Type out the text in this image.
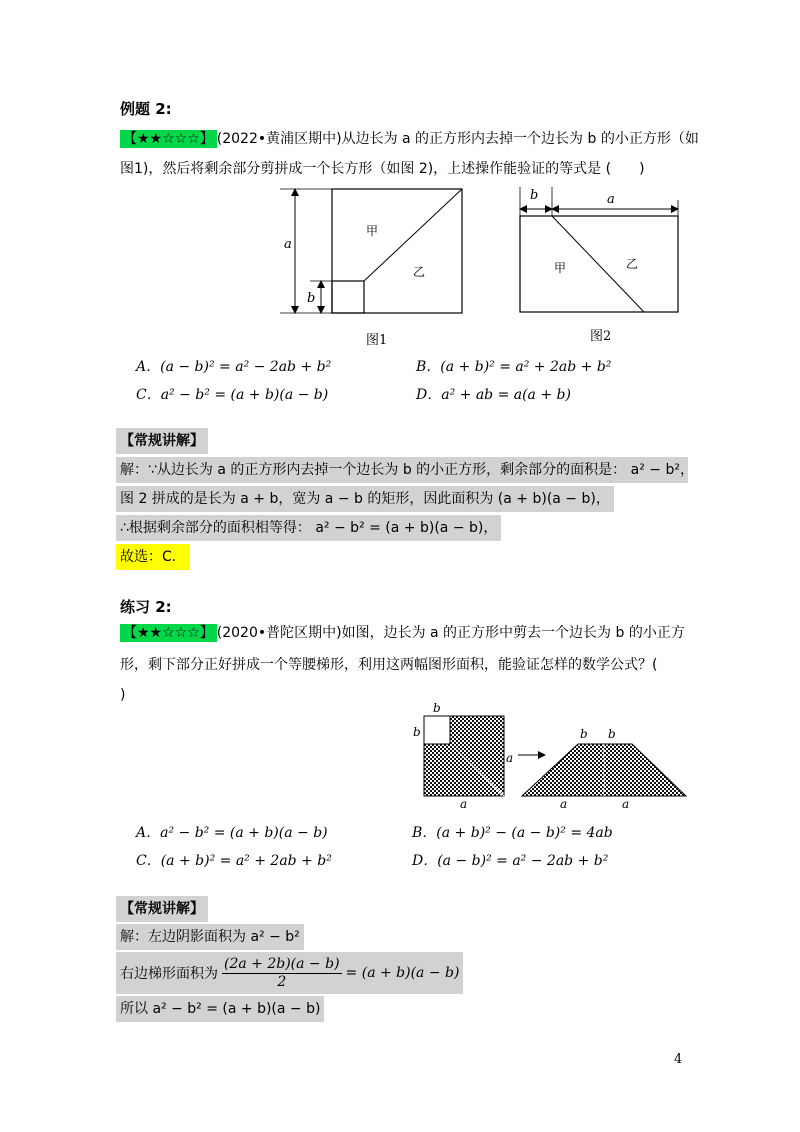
例题 2:
【★★☆☆☆】 (2022•黄浦区期中)从边长为 a 的正方形内去掉一个边长为 b 的小正方形（如
图1)，然后将剩余部分剪拼成一个长方形（如图 2)，上述操作能验证的等式是 (　　)
a
b
甲
乙
图1
b	a
甲	乙
图2
A．(a − b)² = a² − 2ab + b²	B．(a + b)² = a² + 2ab + b²
C．a² − b² = (a + b)(a − b)	D．a² + ab = a(a + b)
【常规讲解】
解：∵从边长为 a 的正方形内去掉一个边长为 b 的小正方形，剩余部分的面积是： a² − b²，
图 2 拼成的是长为 a + b，宽为 a − b 的矩形，因此面积为 (a + b)(a − b)，
∴根据剩余部分的面积相等得： a² − b² = (a + b)(a − b)，
故选：C．
练习 2:
【★★☆☆☆】 (2020•普陀区期中)如图，边长为 a 的正方形中剪去一个边长为 b 的小正方
形，剩下部分正好拼成一个等腰梯形，利用这两幅图形面积，能验证怎样的数学公式？(
)
b
b
a
a
b b
a	a
A．a² − b² = (a + b)(a − b)	B．(a + b)² − (a − b)² = 4ab
C．(a + b)² = a² + 2ab + b²	D．(a − b)² = a² − 2ab + b²
【常规讲解】
解：左边阴影面积为 a² − b²
右边梯形面积为 $\frac{(2a + 2b)(a - b)}{2} = (a + b)(a - b)$
所以 a² − b² = (a + b)(a − b)
4
